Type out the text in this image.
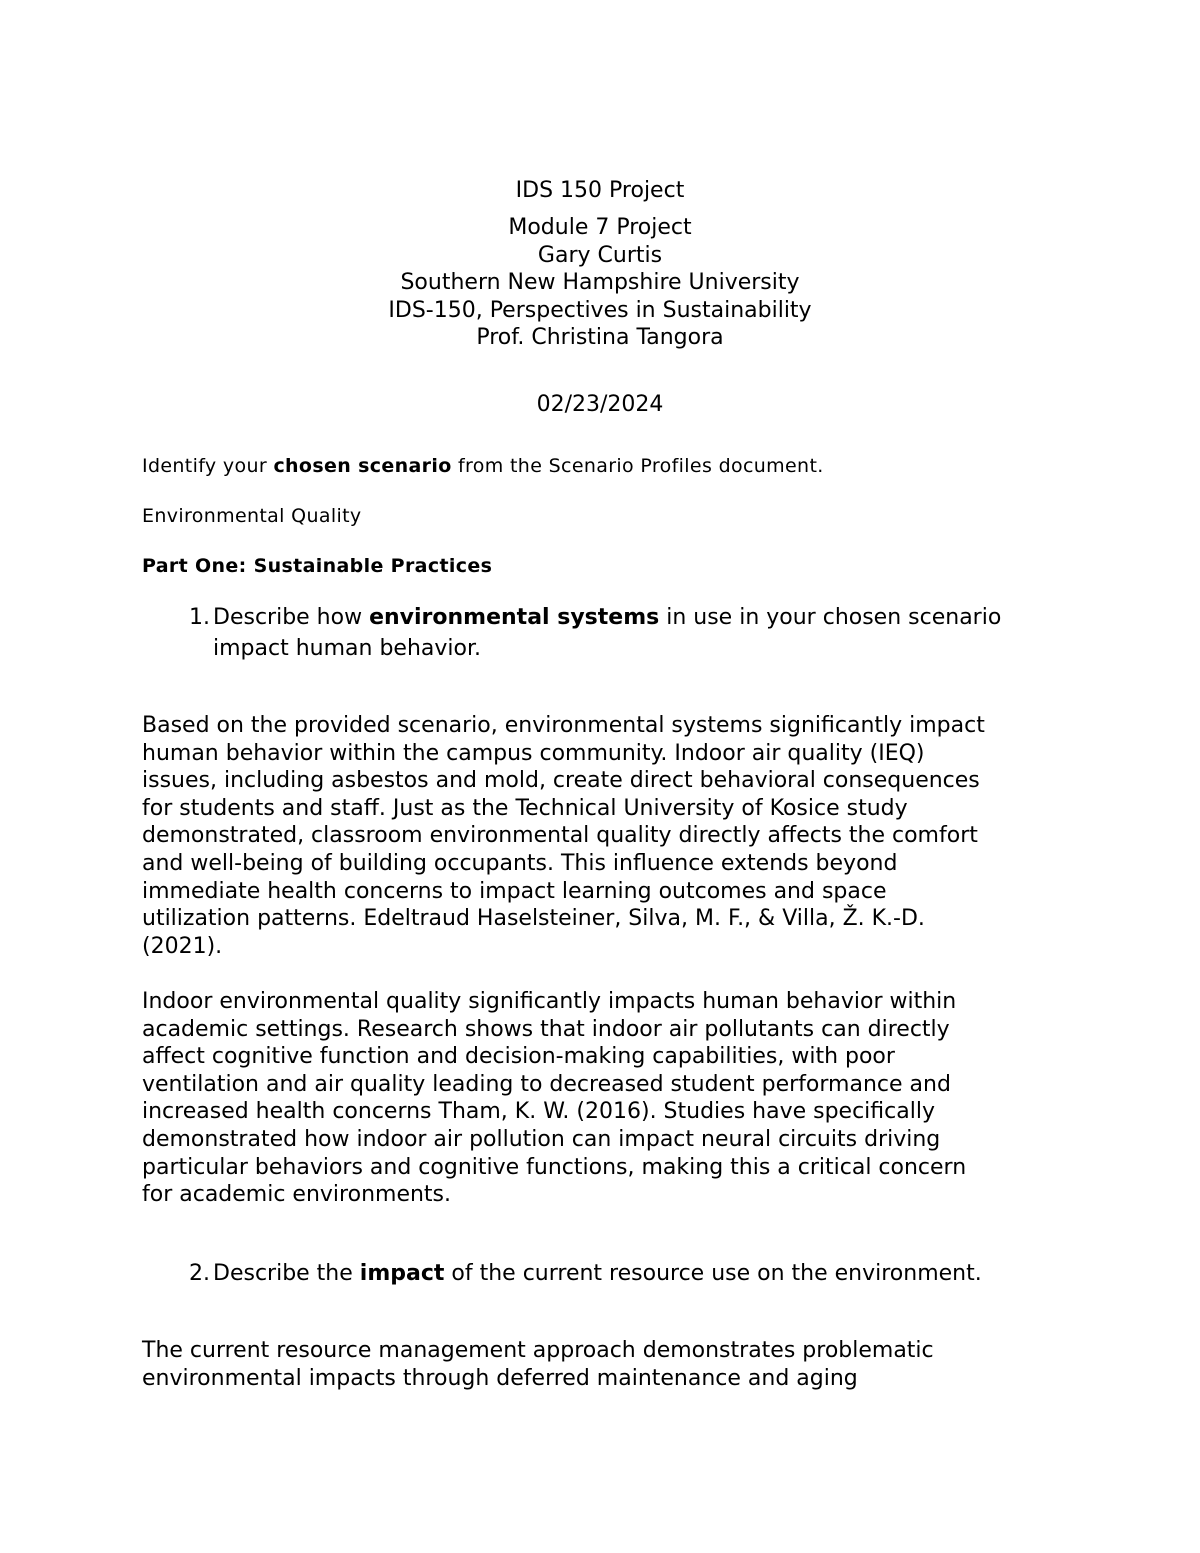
IDS 150 Project
Module 7 Project
Gary Curtis
Southern New Hampshire University
IDS-150, Perspectives in Sustainability
Prof. Christina Tangora
02/23/2024

Identify your chosen scenario from the Scenario Profiles document.

Environmental Quality

Part One: Sustainable Practices

1. Describe how environmental systems in use in your chosen scenario
impact human behavior.
Based on the provided scenario, environmental systems significantly impact
human behavior within the campus community. Indoor air quality (IEQ)
issues, including asbestos and mold, create direct behavioral consequences
for students and staff. Just as the Technical University of Kosice study
demonstrated, classroom environmental quality directly affects the comfort
and well-being of building occupants. This influence extends beyond
immediate health concerns to impact learning outcomes and space
utilization patterns. Edeltraud Haselsteiner, Silva, M. F., & Villa, Ž. K.-D.
(2021).
Indoor environmental quality significantly impacts human behavior within
academic settings. Research shows that indoor air pollutants can directly
affect cognitive function and decision-making capabilities, with poor
ventilation and air quality leading to decreased student performance and
increased health concerns Tham, K. W. (2016). Studies have specifically
demonstrated how indoor air pollution can impact neural circuits driving
particular behaviors and cognitive functions, making this a critical concern
for academic environments.
2. Describe the impact of the current resource use on the environment.
The current resource management approach demonstrates problematic
environmental impacts through deferred maintenance and aging
